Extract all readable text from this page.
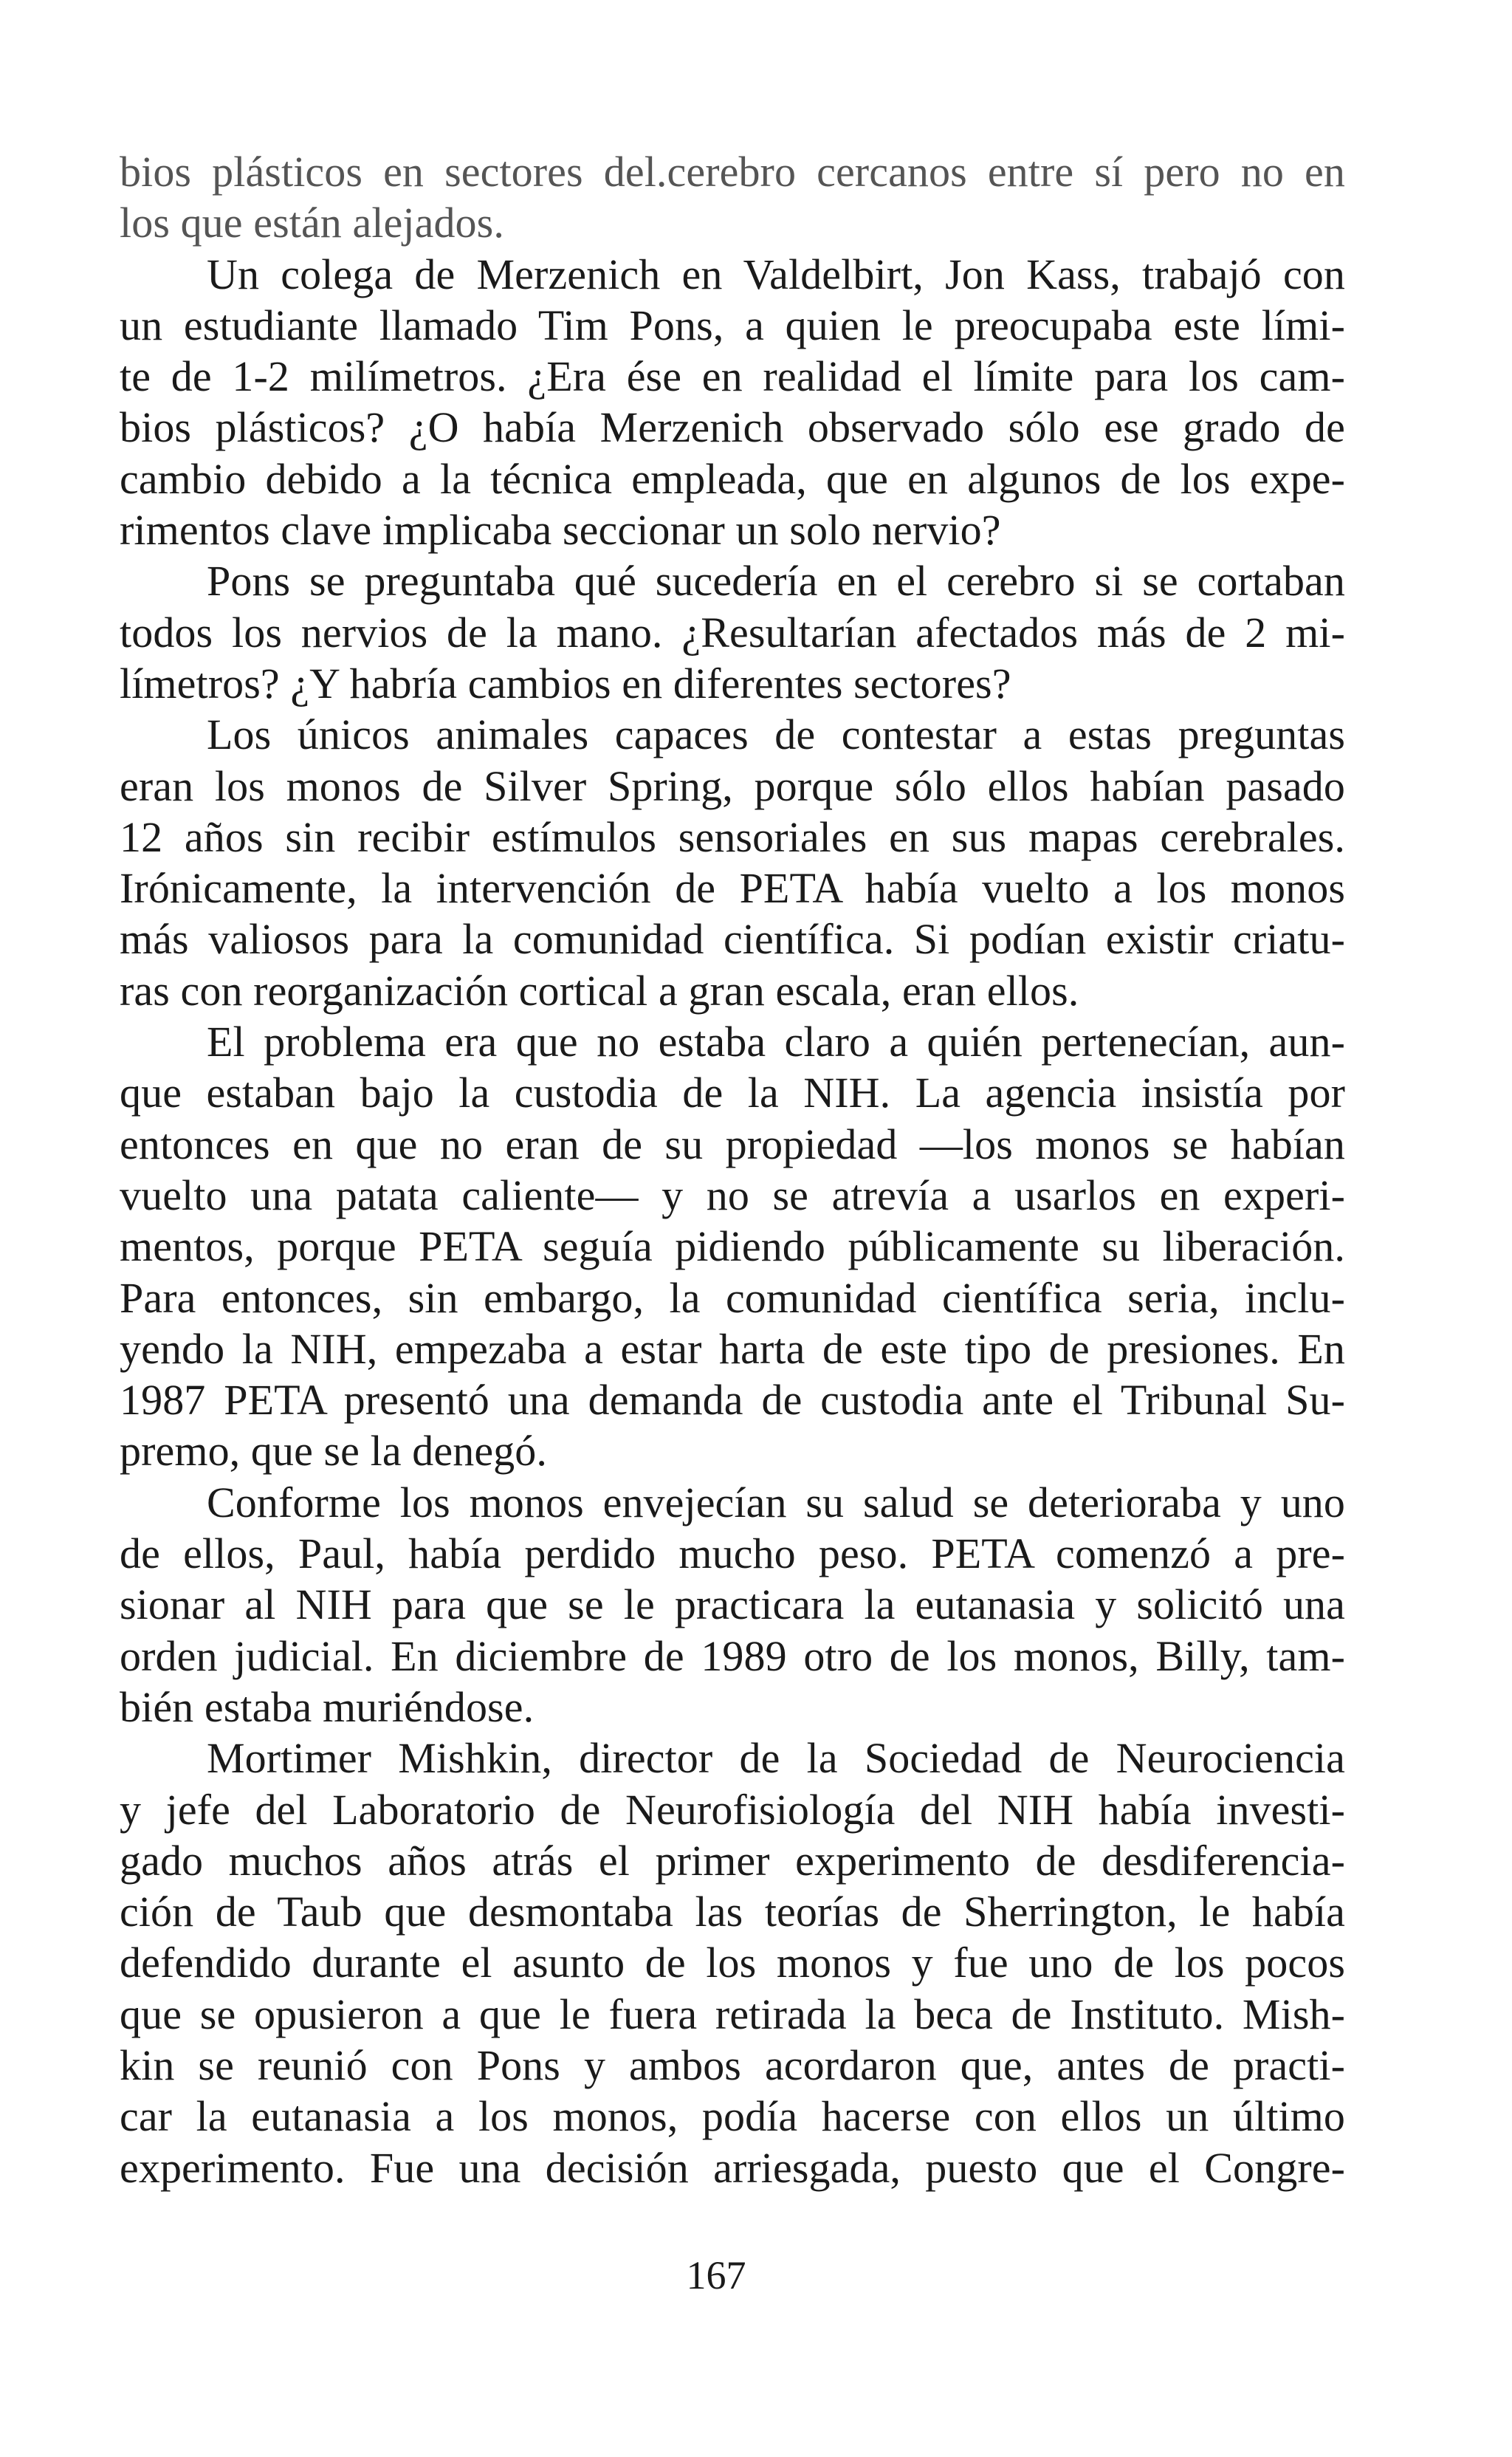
bios plásticos en sectores del.cerebro cercanos entre sí pero no en
los que están alejados.
Un colega de Merzenich en Valdelbirt, Jon Kass, trabajó con
un estudiante llamado Tim Pons, a quien le preocupaba este lími-
te de 1-2 milímetros. ¿Era ése en realidad el límite para los cam-
bios plásticos? ¿O había Merzenich observado sólo ese grado de
cambio debido a la técnica empleada, que en algunos de los expe-
rimentos clave implicaba seccionar un solo nervio?
Pons se preguntaba qué sucedería en el cerebro si se cortaban
todos los nervios de la mano. ¿Resultarían afectados más de 2 mi-
límetros? ¿Y habría cambios en diferentes sectores?
Los únicos animales capaces de contestar a estas preguntas
eran los monos de Silver Spring, porque sólo ellos habían pasado
12 años sin recibir estímulos sensoriales en sus mapas cerebrales.
Irónicamente, la intervención de PETA había vuelto a los monos
más valiosos para la comunidad científica. Si podían existir criatu-
ras con reorganización cortical a gran escala, eran ellos.
El problema era que no estaba claro a quién pertenecían, aun-
que estaban bajo la custodia de la NIH. La agencia insistía por
entonces en que no eran de su propiedad —los monos se habían
vuelto una patata caliente— y no se atrevía a usarlos en experi-
mentos, porque PETA seguía pidiendo públicamente su liberación.
Para entonces, sin embargo, la comunidad científica seria, inclu-
yendo la NIH, empezaba a estar harta de este tipo de presiones. En
1987 PETA presentó una demanda de custodia ante el Tribunal Su-
premo, que se la denegó.
Conforme los monos envejecían su salud se deterioraba y uno
de ellos, Paul, había perdido mucho peso. PETA comenzó a pre-
sionar al NIH para que se le practicara la eutanasia y solicitó una
orden judicial. En diciembre de 1989 otro de los monos, Billy, tam-
bién estaba muriéndose.
Mortimer Mishkin, director de la Sociedad de Neurociencia
y jefe del Laboratorio de Neurofisiología del NIH había investi-
gado muchos años atrás el primer experimento de desdiferencia-
ción de Taub que desmontaba las teorías de Sherrington, le había
defendido durante el asunto de los monos y fue uno de los pocos
que se opusieron a que le fuera retirada la beca de Instituto. Mish-
kin se reunió con Pons y ambos acordaron que, antes de practi-
car la eutanasia a los monos, podía hacerse con ellos un último
experimento. Fue una decisión arriesgada, puesto que el Congre-
167
